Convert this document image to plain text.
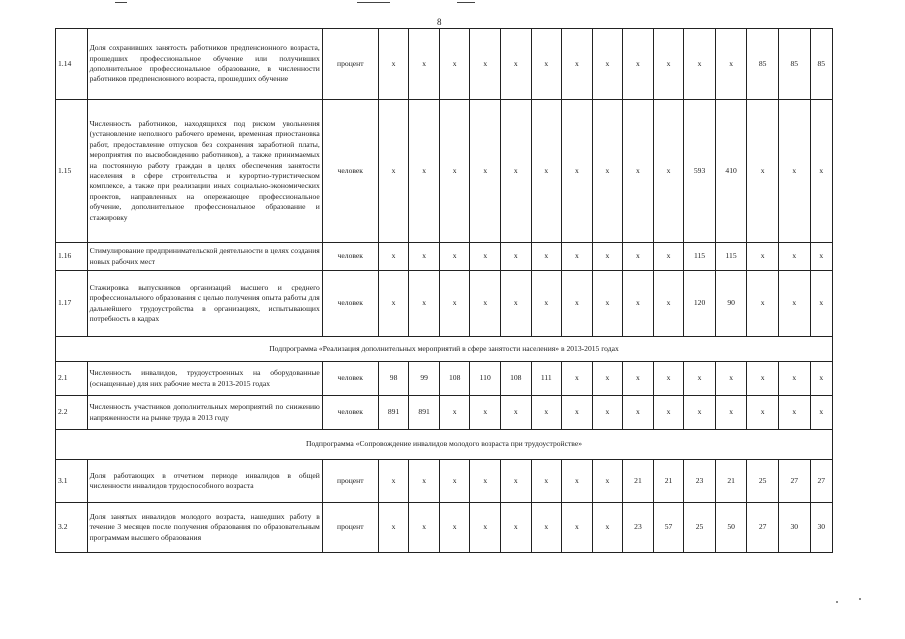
8
1.14	Доля сохранивших занятость работников предпенсионного возраста, прошедших профессиональное обучение или получивших дополнительное профессиональное образование, в численности работников предпенсионного возраста, прошедших обучение	процент	x	x	x	x	x	x	x	x	x	x	x	x	85	85	85
1.15	Численность работников, находящихся под риском увольнения (установление неполного рабочего времени, временная приостановка работ, предоставление отпусков без сохранения заработной платы, мероприятия по высвобождению работников), а также принимаемых на постоянную работу граждан в целях обеспечения занятости населения в сфере строительства и курортно-туристическом комплексе, а также при реализации иных социально-экономических проектов, направленных на опережающее профессиональное обучение, дополнительное профессиональное образование и стажировку	человек	x	x	x	x	x	x	x	x	x	x	593	410	x	x	x
1.16	Стимулирование предпринимательской деятельности в целях создания новых рабочих мест	человек	x	x	x	x	x	x	x	x	x	x	115	115	x	x	x
1.17	Стажировка выпускников организаций высшего и среднего профессионального образования с целью получения опыта работы для дальнейшего трудоустройства в организациях, испытывающих потребность в кадрах	человек	x	x	x	x	x	x	x	x	x	x	120	90	x	x	x
Подпрограмма «Реализация дополнительных мероприятий в сфере занятости населения» в 2013-2015 годах																	
2.1	Численность инвалидов, трудоустроенных на оборудованные (оснащенные) для них рабочие места в 2013-2015 годах	человек	98	99	108	110	108	111	x	x	x	x	x	x	x	x	x
2.2	Численность участников дополнительных мероприятий по снижению напряженности на рынке труда в 2013 году	человек	891	891	x	x	x	x	x	x	x	x	x	x	x	x	x
Подпрограмма «Сопровождение инвалидов молодого возраста при трудоустройстве»																	
3.1	Доля работающих в отчетном периоде инвалидов в общей численности инвалидов трудоспособного возраста	процент	x	x	x	x	x	x	x	x	21	21	23	21	25	27	27
3.2	Доля занятых инвалидов молодого возраста, нашедших работу в течение 3 месяцев после получения образования по образовательным программам высшего образования	процент	x	x	x	x	x	x	x	x	23	57	25	50	27	30	30
